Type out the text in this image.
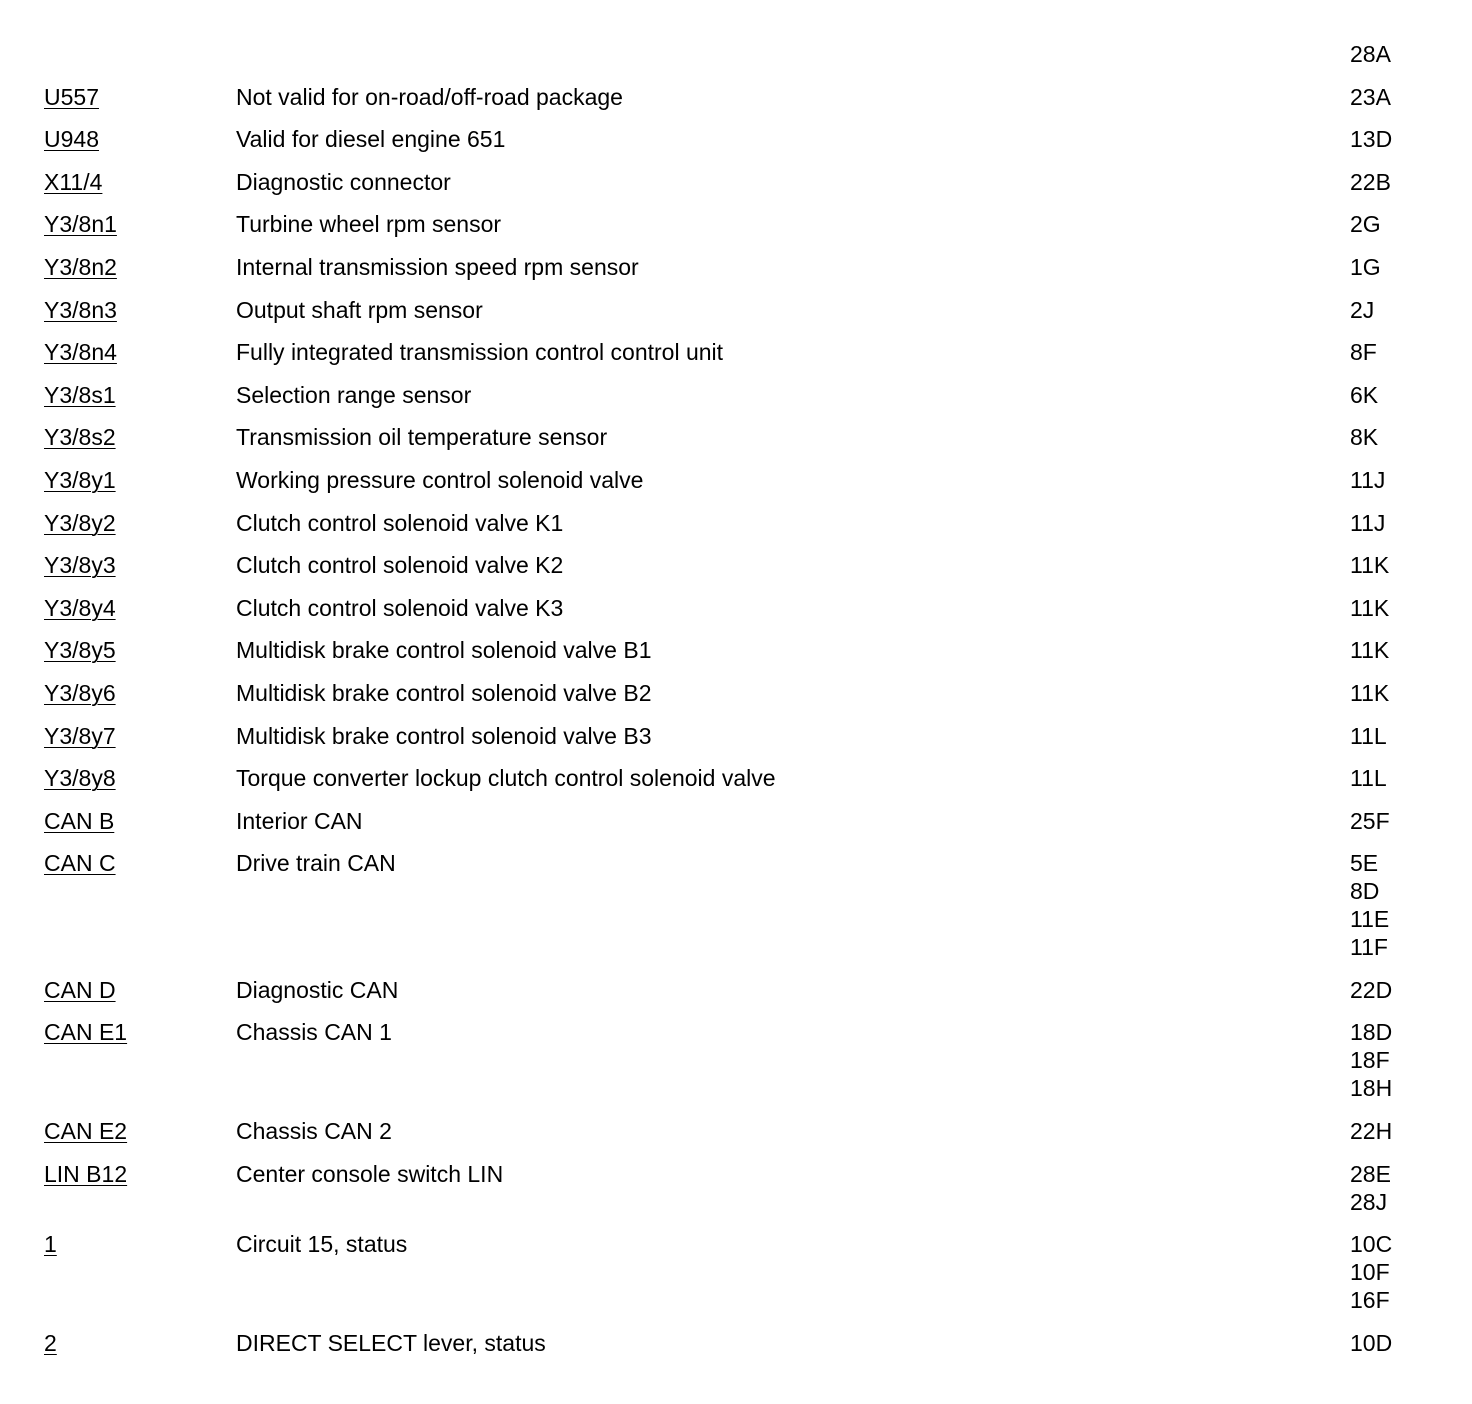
28A
U557	Not valid for on-road/off-road package	23A
U948	Valid for diesel engine 651	13D
X11/4	Diagnostic connector	22B
Y3/8n1	Turbine wheel rpm sensor	2G
Y3/8n2	Internal transmission speed rpm sensor	1G
Y3/8n3	Output shaft rpm sensor	2J
Y3/8n4	Fully integrated transmission control control unit	8F
Y3/8s1	Selection range sensor	6K
Y3/8s2	Transmission oil temperature sensor	8K
Y3/8y1	Working pressure control solenoid valve	11J
Y3/8y2	Clutch control solenoid valve K1	11J
Y3/8y3	Clutch control solenoid valve K2	11K
Y3/8y4	Clutch control solenoid valve K3	11K
Y3/8y5	Multidisk brake control solenoid valve B1	11K
Y3/8y6	Multidisk brake control solenoid valve B2	11K
Y3/8y7	Multidisk brake control solenoid valve B3	11L
Y3/8y8	Torque converter lockup clutch control solenoid valve	11L
CAN B	Interior CAN	25F
CAN C	Drive train CAN	5E
8D
11E
11F
CAN D	Diagnostic CAN	22D
CAN E1	Chassis CAN 1	18D
18F
18H
CAN E2	Chassis CAN 2	22H
LIN B12	Center console switch LIN	28E
28J
1	Circuit 15, status	10C
10F
16F
2	DIRECT SELECT lever, status	10D
